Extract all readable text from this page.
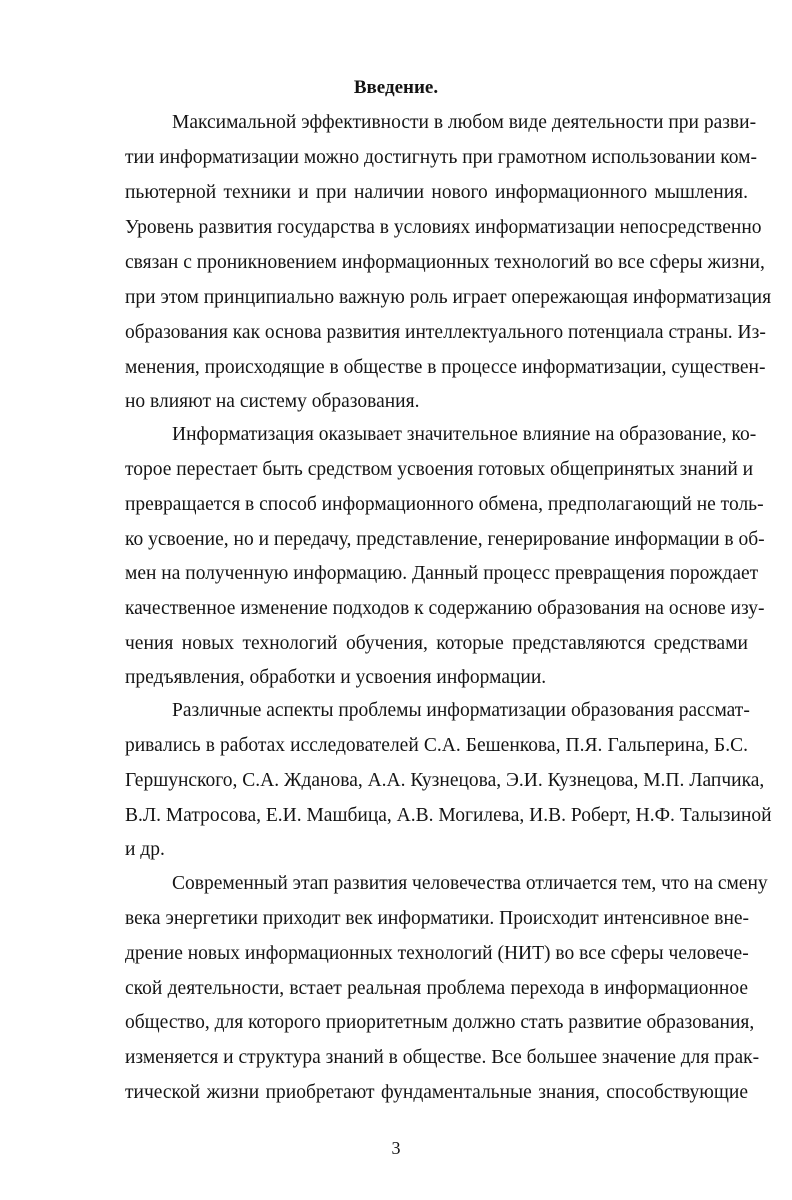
Введение.
Максимальной эффективности в любом виде деятельности при разви-
тии информатизации можно достигнуть при грамотном использовании ком-
пьютерной техники и при наличии нового информационного мышления.
Уровень развития государства в условиях информатизации непосредственно
связан с проникновением информационных технологий во все сферы жизни,
при этом принципиально важную роль играет опережающая информатизация
образования как основа развития интеллектуального потенциала страны. Из-
менения, происходящие в обществе в процессе информатизации, существен-
но влияют на систему образования.
Информатизация оказывает значительное влияние на образование, ко-
торое перестает быть средством усвоения готовых общепринятых знаний и
превращается в способ информационного обмена, предполагающий не толь-
ко усвоение, но и передачу, представление, генерирование информации в об-
мен на полученную информацию. Данный процесс превращения порождает
качественное изменение подходов к содержанию образования на основе изу-
чения новых технологий обучения, которые представляются средствами
предъявления, обработки и усвоения информации.
Различные аспекты проблемы информатизации образования рассмат-
ривались в работах исследователей С.А. Бешенкова, П.Я. Гальперина, Б.С.
Гершунского, С.А. Жданова, А.А. Кузнецова, Э.И. Кузнецова, М.П. Лапчика,
В.Л. Матросова, Е.И. Машбица, А.В. Могилева, И.В. Роберт, Н.Ф. Талызиной
и др.
Современный этап развития человечества отличается тем, что на смену
века энергетики приходит век информатики. Происходит интенсивное вне-
дрение новых информационных технологий (НИТ) во все сферы человече-
ской деятельности, встает реальная проблема перехода в информационное
общество, для которого приоритетным должно стать развитие образования,
изменяется и структура знаний в обществе. Все большее значение для прак-
тической жизни приобретают фундаментальные знания, способствующие
3
